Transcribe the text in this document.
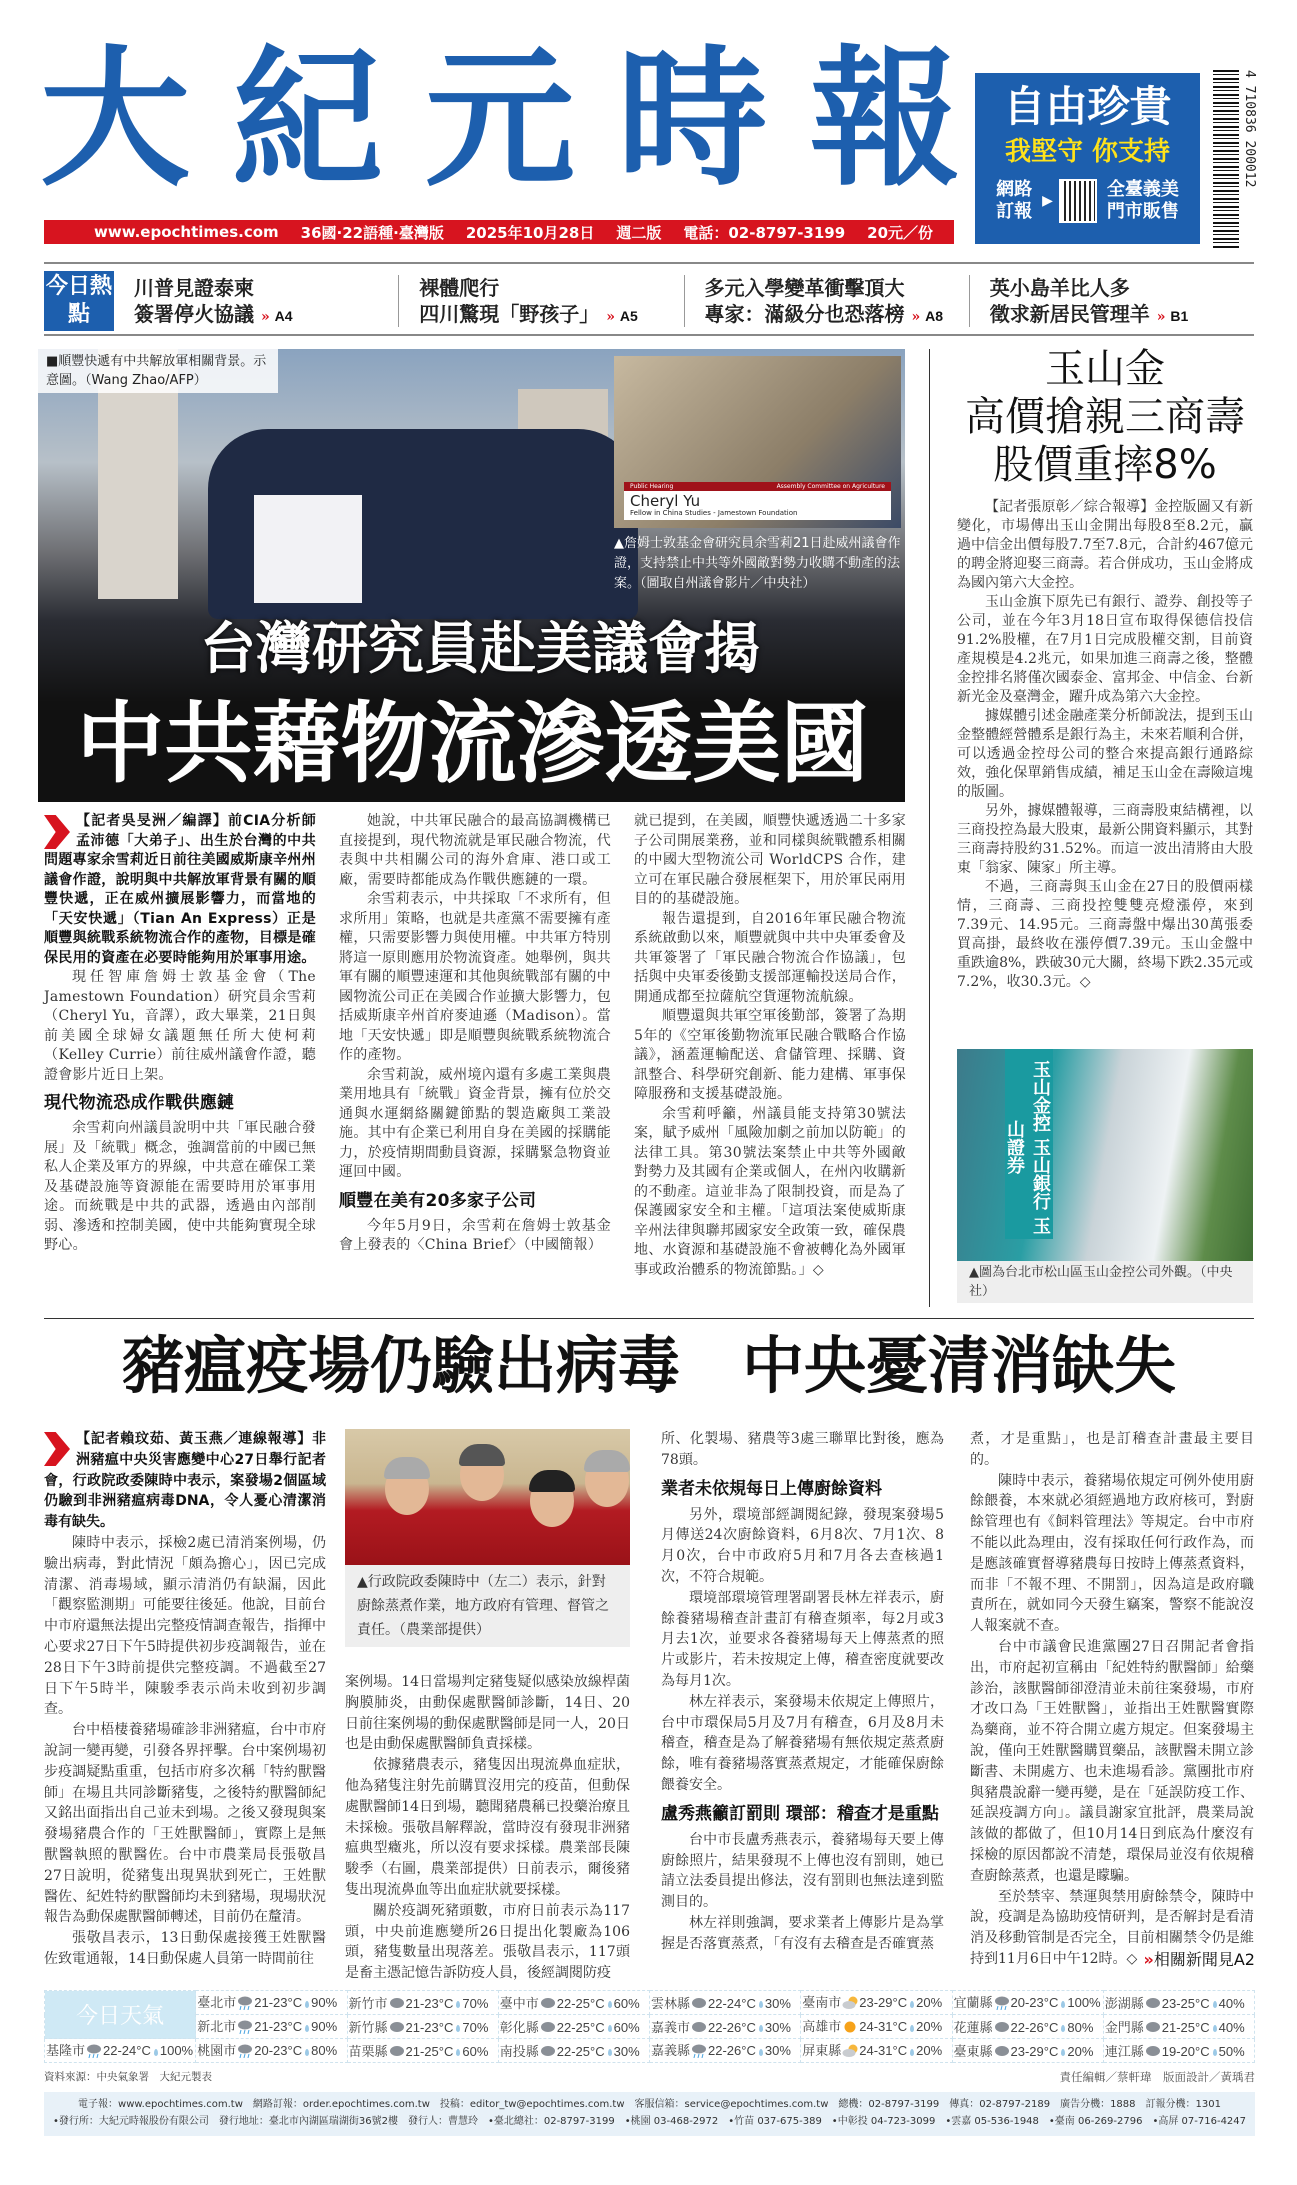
大 紀 元 時 報
www.epochtimes.com 36國·22語種·臺灣版 2025年10月28日 週二版 電話：02-8797-3199 20元／份
自由珍貴
我堅守 你支持
網路訂報 ▶
全臺義美門市販售
4 710836 200012
今日熱點
川普見證泰柬
簽署停火協議 » A4
裸體爬行
四川驚現「野孩子」 » A5
多元入學變革衝擊頂大
專家：滿級分也恐落榜 » A8
英小島羊比人多
徵求新居民管理羊 » B1
■順豐快遞有中共解放軍相關背景。示意圖。（Wang Zhao/AFP）
Public Hearing	Assembly Committee on Agriculture
Cheryl Yu
Fellow in China Studies - Jamestown Foundation
▲詹姆士敦基金會研究員余雪莉21日赴威州議會作證，支持禁止中共等外國敵對勢力收購不動產的法案。（圖取自州議會影片／中央社）
台灣研究員赴美議會揭
中共藉物流滲透美國

【記者吳旻洲／編譯】前CIA分析師孟沛德「大弟子」、出生於台灣的中共問題專家余雪莉近日前往美國威斯康辛州州議會作證，說明與中共解放軍背景有關的順豐快遞，正在威州擴展影響力，而當地的「天安快遞」（Tian An Express）正是順豐與統戰系統物流合作的產物，目標是確保民用的資產在必要時能夠用於軍事用途。

現任智庫詹姆士敦基金會（The Jamestown Foundation）研究員余雪莉（Cheryl Yu，音譯），政大畢業，21日與前美國全球婦女議題無任所大使柯莉（Kelley Currie）前往威州議會作證，聽證會影片近日上架。

現代物流恐成作戰供應鏈

余雪莉向州議員說明中共「軍民融合發展」及「統戰」概念，強調當前的中國已無私人企業及軍方的界線，中共意在確保工業及基礎設施等資源能在需要時用於軍事用途。而統戰是中共的武器，透過由內部削弱、滲透和控制美國，使中共能夠實現全球野心。

她說，中共軍民融合的最高協調機構已直接提到，現代物流就是軍民融合物流，代表與中共相關公司的海外倉庫、港口或工廠，需要時都能成為作戰供應鏈的一環。

余雪莉表示，中共採取「不求所有，但求所用」策略，也就是共產黨不需要擁有產權，只需要影響力與使用權。中共軍方特別將這一原則應用於物流資產。她舉例，與共軍有關的順豐速運和其他與統戰部有關的中國物流公司正在美國合作並擴大影響力，包括威斯康辛州首府麥迪遜（Madison）。當地「天安快遞」即是順豐與統戰系統物流合作的產物。

余雪莉說，威州境內還有多處工業與農業用地具有「統戰」資金背景，擁有位於交通與水運網絡關鍵節點的製造廠與工業設施。其中有企業已利用自身在美國的採購能力，於疫情期間動員資源，採購緊急物資並運回中國。

順豐在美有20多家子公司

今年5月9日，余雪莉在詹姆士敦基金會上發表的〈China Brief〉（中國簡報）

就已提到，在美國，順豐快遞透過二十多家子公司開展業務，並和同樣與統戰體系相關的中國大型物流公司 WorldCPS 合作，建立可在軍民融合發展框架下，用於軍民兩用目的的基礎設施。

報告還提到，自2016年軍民融合物流系統啟動以來，順豐就與中共中央軍委會及共軍簽署了「軍民融合物流合作協議」，包括與中央軍委後勤支援部運輸投送局合作，開通成都至拉薩航空貨運物流航線。

順豐還與共軍空軍後勤部，簽署了為期5年的《空軍後勤物流軍民融合戰略合作協議》，涵蓋運輸配送、倉儲管理、採購、資訊整合、科學研究創新、能力建構、軍事保障服務和支援基礎設施。

余雪莉呼籲，州議員能支持第30號法案，賦予威州「風險加劇之前加以防範」的法律工具。第30號法案禁止中共等外國敵對勢力及其國有企業或個人，在州內收購新的不動產。這並非為了限制投資，而是為了保護國家安全和主權。「這項法案使威斯康辛州法律與聯邦國家安全政策一致，確保農地、水資源和基礎設施不會被轉化為外國軍事或政治體系的物流節點。」◇

玉山金
高價搶親三商壽
股價重摔8%

【記者張原彰／綜合報導】金控版圖又有新變化，市場傳出玉山金開出每股8至8.2元，贏過中信金出價每股7.7至7.8元，合計約467億元的聘金將迎娶三商壽。若合併成功，玉山金將成為國內第六大金控。

玉山金旗下原先已有銀行、證券、創投等子公司，並在今年3月18日宣布取得保德信投信91.2%股權，在7月1日完成股權交割，目前資產規模是4.2兆元，如果加進三商壽之後，整體金控排名將僅次國泰金、富邦金、中信金、台新新光金及臺灣金，躍升成為第六大金控。

據媒體引述金融產業分析師說法，提到玉山金整體經營體系是銀行為主，未來若順利合併，可以透過金控母公司的整合來提高銀行通路綜效，強化保單銷售成績，補足玉山金在壽險這塊的版圖。

另外，據媒體報導，三商壽股東結構裡，以三商投控為最大股東，最新公開資料顯示，其對三商壽持股約31.52%。而這一波出清將由大股東「翁家、陳家」所主導。

不過，三商壽與玉山金在27日的股價兩樣情，三商壽、三商投控雙雙亮燈漲停，來到7.39元、14.95元。三商壽盤中爆出30萬張委買高掛，最終收在漲停價7.39元。玉山金盤中重跌逾8%，跌破30元大關，終場下跌2.35元或7.2%，收30.3元。◇

玉山金控 玉山銀行 玉山證券
▲圖為台北市松山區玉山金控公司外觀。（中央社）
豬瘟疫場仍驗出病毒　中央憂清消缺失

【記者賴玟茹、黃玉燕／連線報導】非洲豬瘟中央災害應變中心27日舉行記者會，行政院政委陳時中表示，案發場2個區域仍驗到非洲豬瘟病毒DNA，令人憂心清潔消毒有缺失。

陳時中表示，採檢2處已清消案例場，仍驗出病毒，對此情況「頗為擔心」，因已完成清潔、消毒場域，顯示清消仍有缺漏，因此「觀察監測期」可能要往後延。他說，目前台中市府還無法提出完整疫情調查報告，指揮中心要求27日下午5時提供初步疫調報告，並在28日下午3時前提供完整疫調。不過截至27日下午5時半，陳駿季表示尚未收到初步調查。

台中梧棲養豬場確診非洲豬瘟，台中市府說詞一變再變，引發各界抨擊。台中案例場初步疫調疑點重重，包括市府多次稱「特約獸醫師」在場且共同診斷豬隻，之後特約獸醫師紀又銘出面指出自己並未到場。之後又發現與案發場豬農合作的「王姓獸醫師」，實際上是無獸醫執照的獸醫佐。台中市農業局長張敬昌27日說明，從豬隻出現異狀到死亡，王姓獸醫佐、紀姓特約獸醫師均未到豬場，現場狀況報告為動保處獸醫師轉述，目前仍在釐清。

張敬昌表示，13日動保處接獲王姓獸醫佐致電通報，14日動保處人員第一時間前往

▲行政院政委陳時中（左二）表示，針對廚餘蒸煮作業，地方政府有管理、督管之責任。（農業部提供）

案例場。14日當場判定豬隻疑似感染放線桿菌胸膜肺炎，由動保處獸醫師診斷，14日、20日前往案例場的動保處獸醫師是同一人，20日也是由動保處獸醫師負責採樣。

依據豬農表示，豬隻因出現流鼻血症狀，他為豬隻注射先前購買沒用完的疫苗，但動保處獸醫師14日到場，聽聞豬農稱已投藥治療且未採檢。張敬昌解釋說，當時沒有發現非洲豬瘟典型癥兆，所以沒有要求採樣。農業部長陳駿季（右圖，農業部提供）日前表示，爾後豬隻出現流鼻血等出血症狀就要採樣。

關於疫調死豬頭數，市府日前表示為117頭，中央前進應變所26日提出化製廠為106頭，豬隻數量出現落差。張敬昌表示，117頭是畜主憑記憶告訴防疫人員，後經調閱防疫

所、化製場、豬農等3處三聯單比對後，應為78頭。

業者未依規每日上傳廚餘資料

另外，環境部經調閱紀錄，發現案發場5月傳送24次廚餘資料，6月8次、7月1次、8月0次，台中市政府5月和7月各去查核過1次，不符合規範。

環境部環境管理署副署長林左祥表示，廚餘養豬場稽查計畫訂有稽查頻率，每2月或3月去1次，並要求各養豬場每天上傳蒸煮的照片或影片，若未按規定上傳，稽查密度就要改為每月1次。

林左祥表示，案發場未依規定上傳照片，台中市環保局5月及7月有稽查，6月及8月未稽查，稽查是為了解養豬場有無依規定蒸煮廚餘，唯有養豬場落實蒸煮規定，才能確保廚餘餵養安全。

盧秀燕籲訂罰則 環部：稽查才是重點

台中市長盧秀燕表示，養豬場每天要上傳廚餘照片，結果發現不上傳也沒有罰則，她已請立法委員提出修法，沒有罰則也無法達到監測目的。

林左祥則強調，要求業者上傳影片是為掌握是否落實蒸煮，「有沒有去稽查是否確實蒸

煮，才是重點」，也是訂稽查計畫最主要目的。

陳時中表示，養豬場依規定可例外使用廚餘餵養，本來就必須經過地方政府核可，對廚餘管理也有《飼料管理法》等規定。台中市府不能以此為理由，沒有採取任何行政作為，而是應該確實督導豬農每日按時上傳蒸煮資料，而非「不報不理、不開罰」，因為這是政府職責所在，就如同今天發生竊案，警察不能說沒人報案就不查。

台中市議會民進黨團27日召開記者會指出，市府起初宣稱由「紀姓特約獸醫師」給藥診治，該獸醫師卻澄清並未前往案發場，市府才改口為「王姓獸醫」，並指出王姓獸醫實際為藥商，並不符合開立處方規定。但案發場主說，僅向王姓獸醫購買藥品，該獸醫未開立診斷書、未開處方、也未進場看診。黨團批市府與豬農說辭一變再變，是在「延誤防疫工作、延誤疫調方向」。議員謝家宜批評，農業局說該做的都做了，但10月14日到底為什麼沒有採檢的原因都說不清楚，環保局並沒有依規稽查廚餘蒸煮，也還是矇騙。

至於禁宰、禁運與禁用廚餘禁令，陳時中說，疫調是為協助疫情研判，是否解封是看清消及移動管制是否完全，目前相關禁令仍是維持到11月6日中午12時。◇ »相關新聞見A2
今日天氣	臺北市 21-23°C 90%	新竹市 21-23°C 70%	臺中市 22-25°C 60%	雲林縣 22-24°C 30%	臺南市 23-29°C 20%	宜蘭縣 20-23°C 100%	澎湖縣 23-25°C 40%
	新北市 21-23°C 90%	新竹縣 21-23°C 70%	彰化縣 22-25°C 60%	嘉義市 22-26°C 30%	高雄市 24-31°C 20%	花蓮縣 22-26°C 80%	金門縣 21-25°C 40%
基隆市 22-24°C 100%	桃園市 20-23°C 80%	苗栗縣 21-25°C 60%	南投縣 22-25°C 30%	嘉義縣 22-26°C 30%	屏東縣 24-31°C 20%	臺東縣 23-29°C 20%	連江縣 19-20°C 50%
資料來源：中央氣象署　大紀元製表	責任編輯／蔡軒瑋　版面設計／黃瑀君
電子報：www.epochtimes.com.tw　網路訂報：order.epochtimes.com.tw　投稿：editor_tw@epochtimes.com.tw　客服信箱：service@epochtimes.com.tw　總機：02-8797-3199　傳真：02-8797-2189　廣告分機：1888　訂報分機：1301
•發行所：大紀元時報股份有限公司　發行地址：臺北市內湖區瑞湖街36號2樓　發行人：曹慧玲　•臺北總社：02-8797-3199　•桃園 03-468-2972　•竹苗 037-675-389　•中彰投 04-723-3099　•雲嘉 05-536-1948　•臺南 06-269-2796　•高屏 07-716-4247
